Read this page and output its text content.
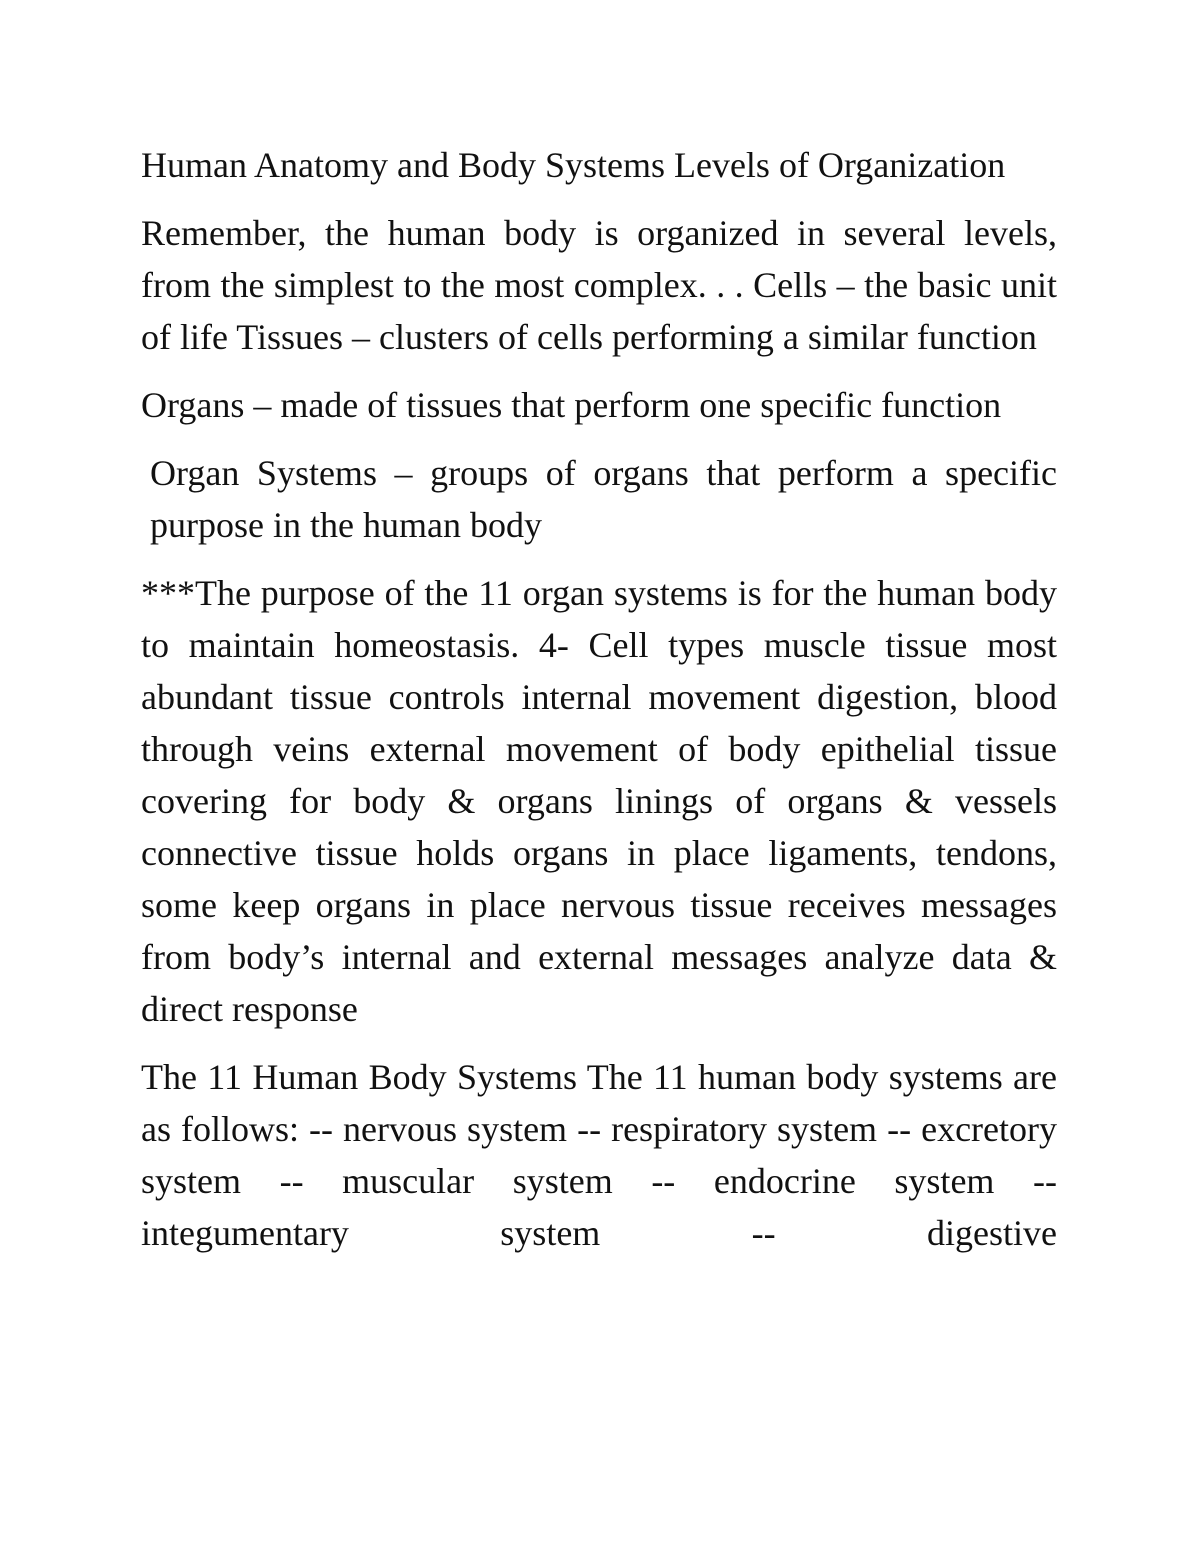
Human Anatomy and Body Systems Levels of Organization

Remember, the human body is organized in several levels, from the simplest to the most complex. . . Cells – the basic unit of life Tissues – clusters of cells performing a similar function

Organs – made of tissues that perform one specific function

Organ Systems – groups of organs that perform a specific purpose in the human body

***The purpose of the 11 organ systems is for the human body to maintain homeostasis. 4- Cell types muscle tissue most abundant tissue controls internal movement digestion, blood through veins external movement of body epithelial tissue covering for body & organs linings of organs & vessels connective tissue holds organs in place ligaments, tendons, some keep organs in place nervous tissue receives messages from body’s internal and external messages analyze data & direct response

The 11 Human Body Systems The 11 human body systems are as follows: -- nervous system -- respiratory system -- excretory system -- muscular system -- endocrine system -- integumentary system -- digestive
